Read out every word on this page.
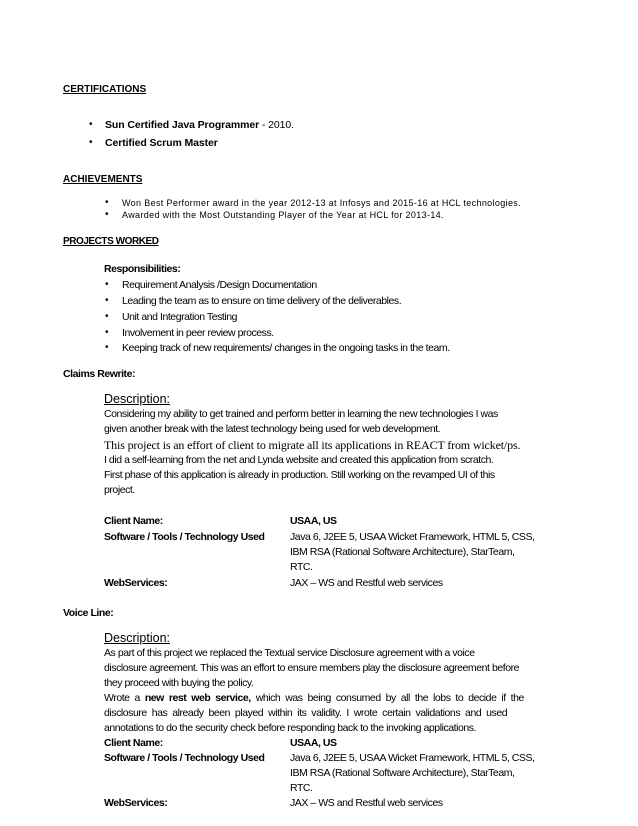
CERTIFICATIONS
• Sun Certified Java Programmer - 2010.
• Certified Scrum Master
ACHIEVEMENTS
• Won Best Performer award in the year 2012-13 at Infosys and 2015-16 at HCL technologies.
• Awarded with the Most Outstanding Player of the Year at HCL for 2013-14.
PROJECTS WORKED
Responsibilities:
• Requirement Analysis /Design Documentation
• Leading the team as to ensure on time delivery of the deliverables.
• Unit and Integration Testing
• Involvement in peer review process.
• Keeping track of new requirements/ changes in the ongoing tasks in the team.
Claims Rewrite:
Description:
Considering my ability to get trained and perform better in learning the new technologies I was
given another break with the latest technology being used for web development.
This project is an effort of client to migrate all its applications in REACT from wicket/ps.
I did a self-learning from the net and Lynda website and created this application from scratch.
First phase of this application is already in production. Still working on the revamped UI of this
project.
Client Name:	USAA, US
Software / Tools / Technology Used Java 6, J2EE 5, USAA Wicket Framework, HTML 5, CSS,
IBM RSA (Rational Software Architecture), StarTeam,
RTC.
WebServices:	JAX – WS and Restful web services
Voice Line:
Description:
As part of this project we replaced the Textual service Disclosure agreement with a voice
disclosure agreement. This was an effort to ensure members play the disclosure agreement before
they proceed with buying the policy.
Wrote  a  new  rest  web  service,  which  was  being  consumed  by  all  the  lobs  to  decide  if  the
disclosure  has  already  been  played  within  its  validity.  I  wrote  certain  validations  and  used
annotations to do the security check before responding back to the invoking applications.
Client Name:	USAA, US
Software / Tools / Technology Used Java 6, J2EE 5, USAA Wicket Framework, HTML 5, CSS,
IBM RSA (Rational Software Architecture), StarTeam,
RTC.
WebServices:	JAX – WS and Restful web services
